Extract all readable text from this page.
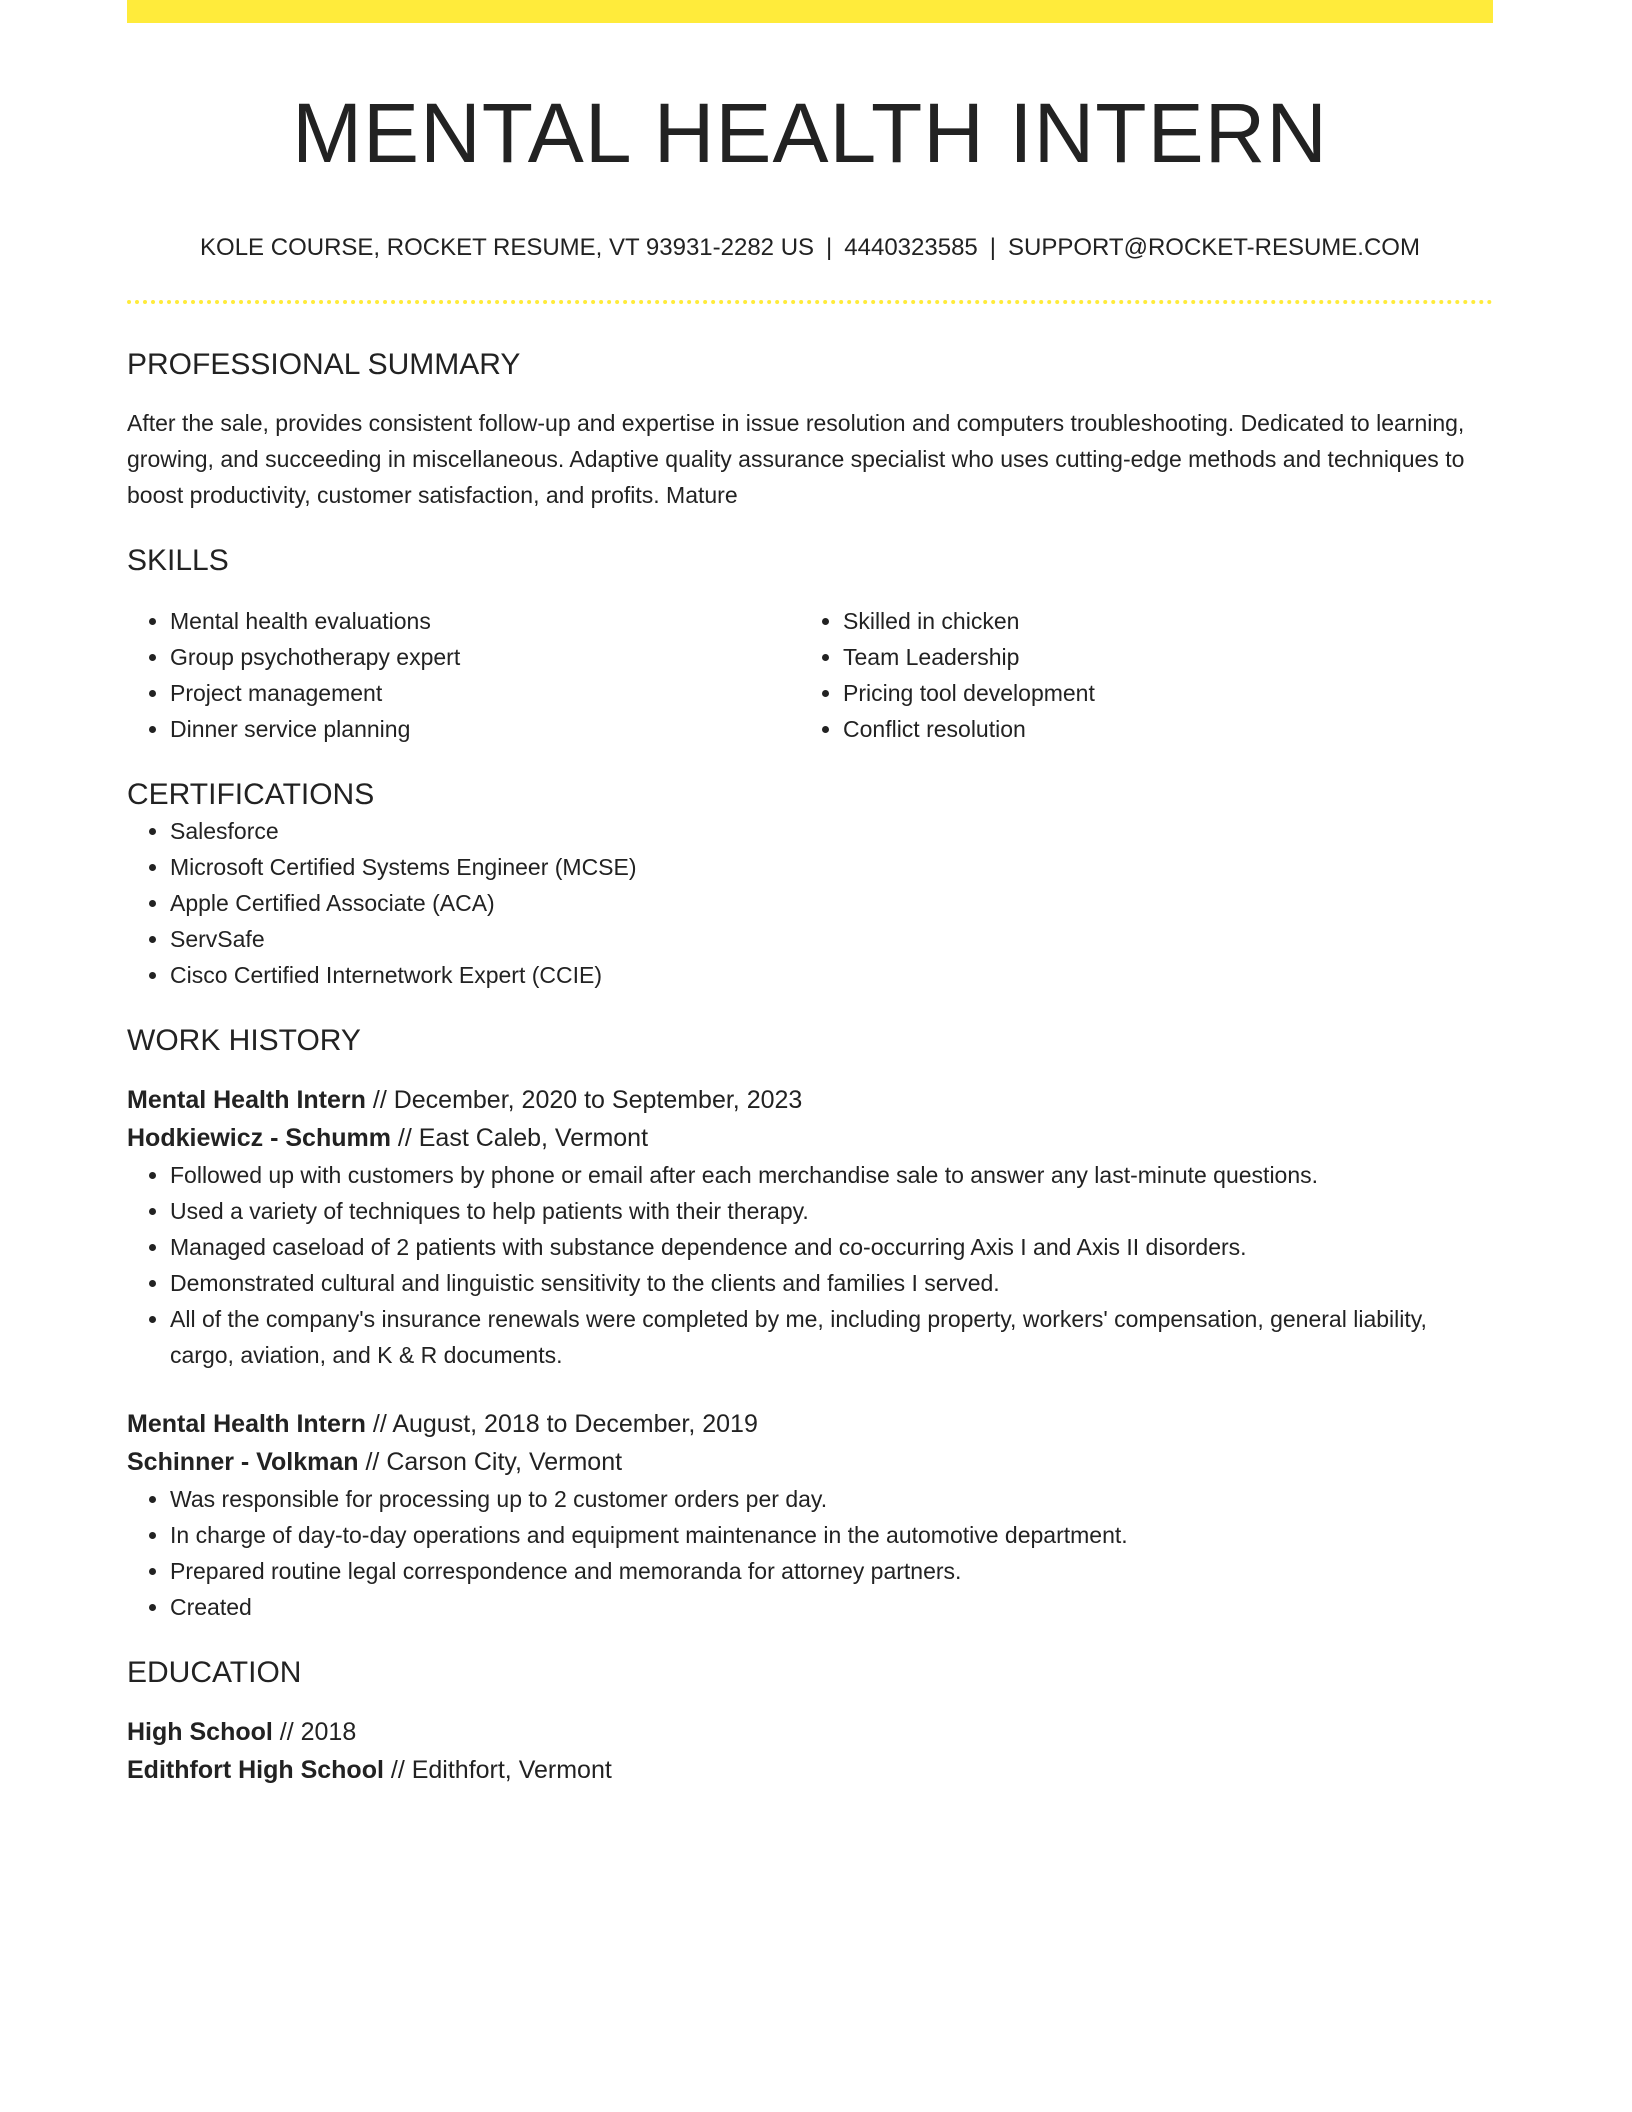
MENTAL HEALTH INTERN
KOLE COURSE, ROCKET RESUME, VT 93931-2282 US | 4440323585 | SUPPORT@ROCKET-RESUME.COM
PROFESSIONAL SUMMARY
After the sale, provides consistent follow-up and expertise in issue resolution and computers troubleshooting. Dedicated to learning, growing, and succeeding in miscellaneous. Adaptive quality assurance specialist who uses cutting-edge methods and techniques to boost productivity, customer satisfaction, and profits. Mature
SKILLS
• Mental health evaluations
• Group psychotherapy expert
• Project management
• Dinner service planning
• Skilled in chicken
• Team Leadership
• Pricing tool development
• Conflict resolution
CERTIFICATIONS
• Salesforce
• Microsoft Certified Systems Engineer (MCSE)
• Apple Certified Associate (ACA)
• ServSafe
• Cisco Certified Internetwork Expert (CCIE)
WORK HISTORY
Mental Health Intern // December, 2020 to September, 2023
Hodkiewicz - Schumm // East Caleb, Vermont
• Followed up with customers by phone or email after each merchandise sale to answer any last-minute questions.
• Used a variety of techniques to help patients with their therapy.
• Managed caseload of 2 patients with substance dependence and co-occurring Axis I and Axis II disorders.
• Demonstrated cultural and linguistic sensitivity to the clients and families I served.
• All of the company's insurance renewals were completed by me, including property, workers' compensation, general liability, cargo, aviation, and K & R documents.
Mental Health Intern // August, 2018 to December, 2019
Schinner - Volkman // Carson City, Vermont
• Was responsible for processing up to 2 customer orders per day.
• In charge of day-to-day operations and equipment maintenance in the automotive department.
• Prepared routine legal correspondence and memoranda for attorney partners.
• Created
EDUCATION
High School // 2018
Edithfort High School // Edithfort, Vermont
